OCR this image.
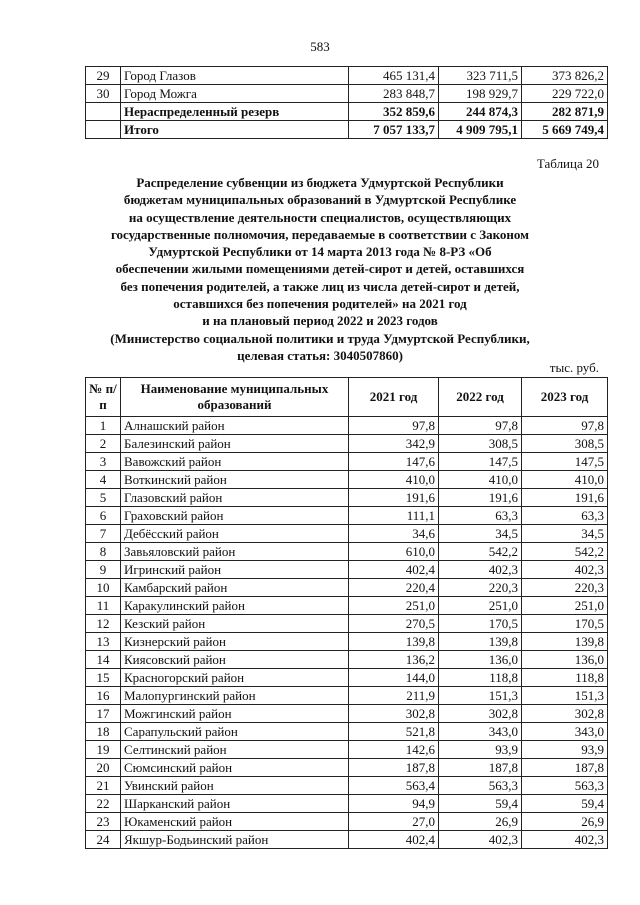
583
29	Город Глазов	465 131,4	323 711,5	373 826,2
30	Город Можга	283 848,7	198 929,7	229 722,0
	Нераспределенный резерв	352 859,6	244 874,3	282 871,9
	Итого	7 057 133,7	4 909 795,1	5 669 749,4
Таблица 20
Распределение субвенции из бюджета Удмуртской Республики
бюджетам муниципальных образований в Удмуртской Республике
на осуществление деятельности специалистов, осуществляющих
государственные полномочия, передаваемые в соответствии с Законом
Удмуртской Республики от 14 марта 2013 года № 8-РЗ «Об
обеспечении жилыми помещениями детей-сирот и детей, оставшихся
без попечения родителей, а также лиц из числа детей-сирот и детей,
оставшихся без попечения родителей» на 2021 год
и на плановый период 2022 и 2023 годов
(Министерство социальной политики и труда Удмуртской Республики,
целевая статья: 3040507860)
тыс. руб.
№ п/п	Наименование муниципальных образований	2021 год	2022 год	2023 год
1	Алнашский район	97,8	97,8	97,8
2	Балезинский район	342,9	308,5	308,5
3	Вавожский район	147,6	147,5	147,5
4	Воткинский район	410,0	410,0	410,0
5	Глазовский район	191,6	191,6	191,6
6	Граховский район	111,1	63,3	63,3
7	Дебёсский район	34,6	34,5	34,5
8	Завьяловский район	610,0	542,2	542,2
9	Игринский район	402,4	402,3	402,3
10	Камбарский район	220,4	220,3	220,3
11	Каракулинский район	251,0	251,0	251,0
12	Кезский район	270,5	170,5	170,5
13	Кизнерский район	139,8	139,8	139,8
14	Киясовский район	136,2	136,0	136,0
15	Красногорский район	144,0	118,8	118,8
16	Малопургинский район	211,9	151,3	151,3
17	Можгинский район	302,8	302,8	302,8
18	Сарапульский район	521,8	343,0	343,0
19	Селтинский район	142,6	93,9	93,9
20	Сюмсинский район	187,8	187,8	187,8
21	Увинский район	563,4	563,3	563,3
22	Шарканский район	94,9	59,4	59,4
23	Юкаменский район	27,0	26,9	26,9
24	Якшур-Бодьинский район	402,4	402,3	402,3
